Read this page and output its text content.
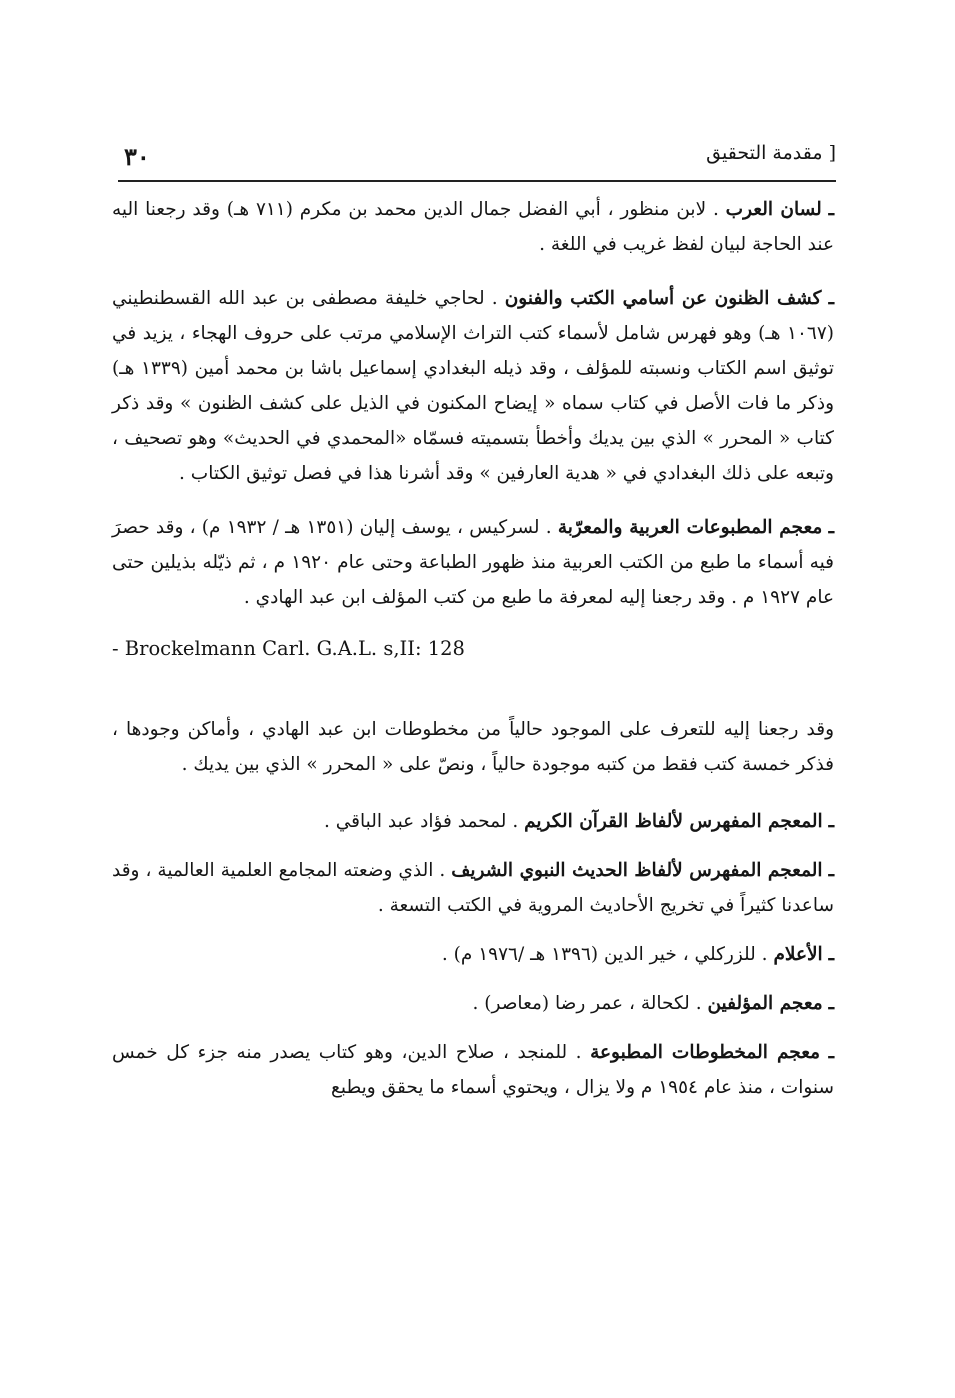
٣٠	[ مقدمة التحقيق

ـ لسان العرب . لابن منظور ، أبي الفضل جمال الدين محمد بن مكرم (٧١١ هـ) وقد رجعنا اليه عند الحاجة لبيان لفظ غريب في اللغة .

ـ كشف الظنون عن أسامي الكتب والفنون . لحاجي خليفة مصطفى بن عبد الله القسطنطيني (١٠٦٧ هـ) وهو فهرس شامل لأسماء كتب التراث الإسلامي مرتب على حروف الهجاء ، يزيد في توثيق اسم الكتاب ونسبته للمؤلف ، وقد ذيله البغدادي إسماعيل باشا بن محمد أمين (١٣٣٩ هـ) وذكر ما فات الأصل في كتاب سماه « إيضاح المكنون في الذيل على كشف الظنون » وقد ذكر كتاب « المحرر » الذي بين يديك وأخطأ بتسميته فسمّاه «المحمدي في الحديث» وهو تصحيف ، وتبعه على ذلك البغدادي في « هدية العارفين » وقد أشرنا هذا في فصل توثيق الكتاب .

ـ معجم المطبوعات العربية والمعرّبة . لسركيس ، يوسف إليان (١٣٥١ هـ / ١٩٣٢ م) ، وقد حصرَ فيه أسماء ما طبع من الكتب العربية منذ ظهور الطباعة وحتى عام ١٩٢٠ م ، ثم ذيّله بذيلين حتى عام ١٩٢٧ م . وقد رجعنا إليه لمعرفة ما طبع من كتب المؤلف ابن عبد الهادي .

- Brockelmann Carl. G.A.L. s,II: 128

وقد رجعنا إليه للتعرف على الموجود حالياً من مخطوطات ابن عبد الهادي ، وأماكن وجودها ، فذكر خمسة كتب فقط من كتبه موجودة حالياً ، ونصّ على « المحرر » الذي بين يديك .

ـ المعجم المفهرس لألفاظ القرآن الكريم . لمحمد فؤاد عبد الباقي .

ـ المعجم المفهرس لألفاظ الحديث النبوي الشريف . الذي وضعته المجامع العلمية العالمية ، وقد ساعدنا كثيراً في تخريج الأحاديث المروية في الكتب التسعة .

ـ الأعلام . للزركلي ، خير الدين (١٣٩٦ هـ /١٩٧٦ م) .

ـ معجم المؤلفين . لكحالة ، عمر رضا (معاصر) .

ـ معجم المخطوطات المطبوعة . للمنجد ، صلاح الدين، وهو كتاب يصدر منه جزء كل خمس سنوات ، منذ عام ١٩٥٤ م ولا يزال ، ويحتوي أسماء ما يحقق ويطبع
